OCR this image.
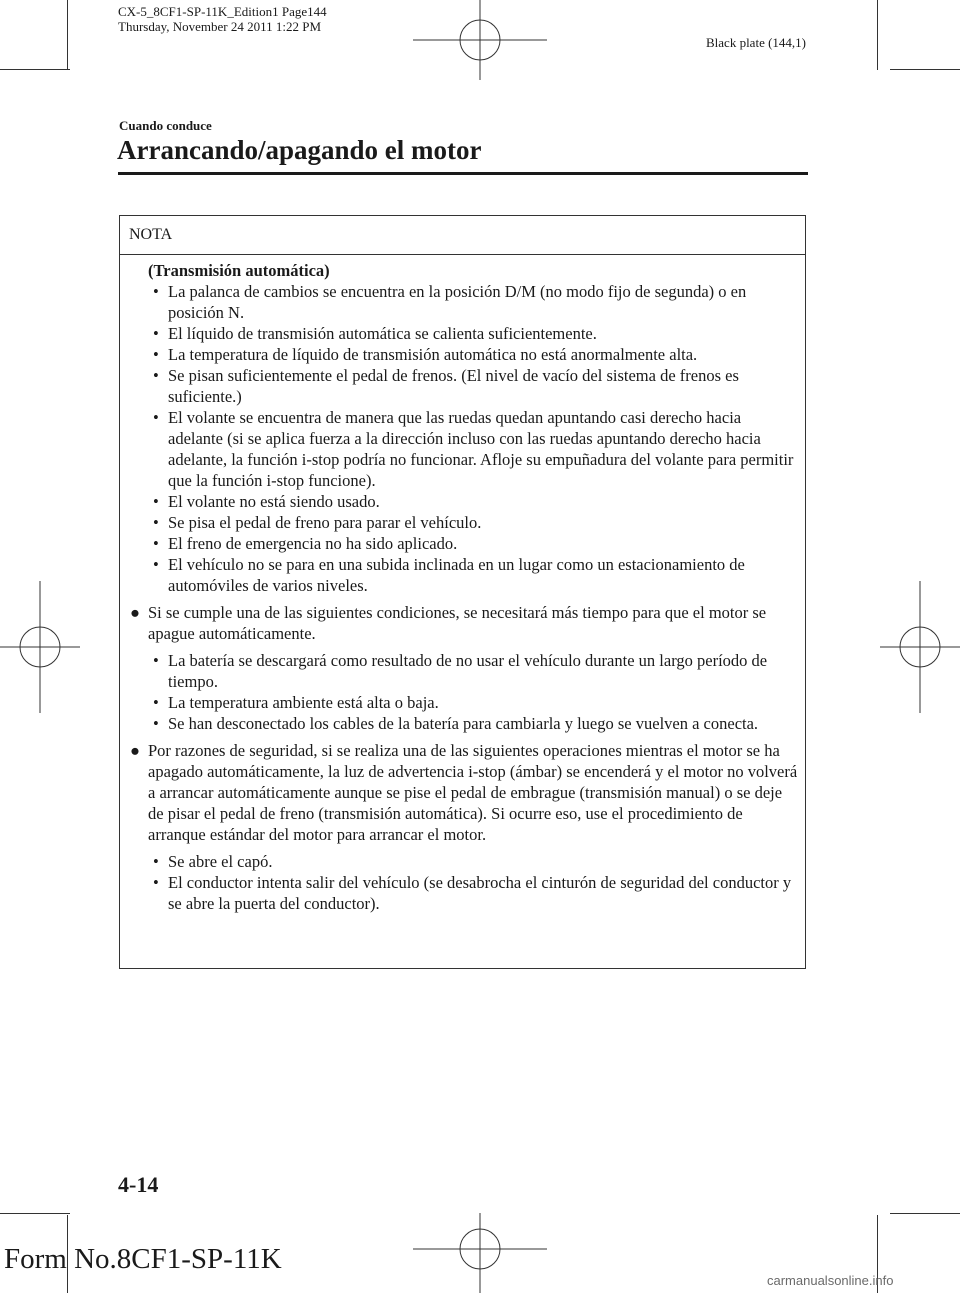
CX-5_8CF1-SP-11K_Edition1 Page144
Thursday, November 24 2011 1:22 PM
Black plate (144,1)
Cuando conduce
Arrancando/apagando el motor
NOTA
(Transmisión automática)
• La palanca de cambios se encuentra en la posición D/M (no modo fijo de segunda) o en posición N.
• El líquido de transmisión automática se calienta suficientemente.
• La temperatura de líquido de transmisión automática no está anormalmente alta.
• Se pisan suficientemente el pedal de frenos. (El nivel de vacío del sistema de frenos es suficiente.)
• El volante se encuentra de manera que las ruedas quedan apuntando casi derecho hacia adelante (si se aplica fuerza a la dirección incluso con las ruedas apuntando derecho hacia adelante, la función i-stop podría no funcionar. Afloje su empuñadura del volante para permitir que la función i-stop funcione).
• El volante no está siendo usado.
• Se pisa el pedal de freno para parar el vehículo.
• El freno de emergencia no ha sido aplicado.
• El vehículo no se para en una subida inclinada en un lugar como un estacionamiento de automóviles de varios niveles.
● Si se cumple una de las siguientes condiciones, se necesitará más tiempo para que el motor se apague automáticamente.
• La batería se descargará como resultado de no usar el vehículo durante un largo período de tiempo.
• La temperatura ambiente está alta o baja.
• Se han desconectado los cables de la batería para cambiarla y luego se vuelven a conecta.
● Por razones de seguridad, si se realiza una de las siguientes operaciones mientras el motor se ha apagado automáticamente, la luz de advertencia i-stop (ámbar) se encenderá y el motor no volverá a arrancar automáticamente aunque se pise el pedal de embrague (transmisión manual) o se deje de pisar el pedal de freno (transmisión automática). Si ocurre eso, use el procedimiento de arranque estándar del motor para arrancar el motor.
• Se abre el capó.
• El conductor intenta salir del vehículo (se desabrocha el cinturón de seguridad del conductor y se abre la puerta del conductor).
4-14
Form No.8CF1-SP-11K
carmanualsonline.info
